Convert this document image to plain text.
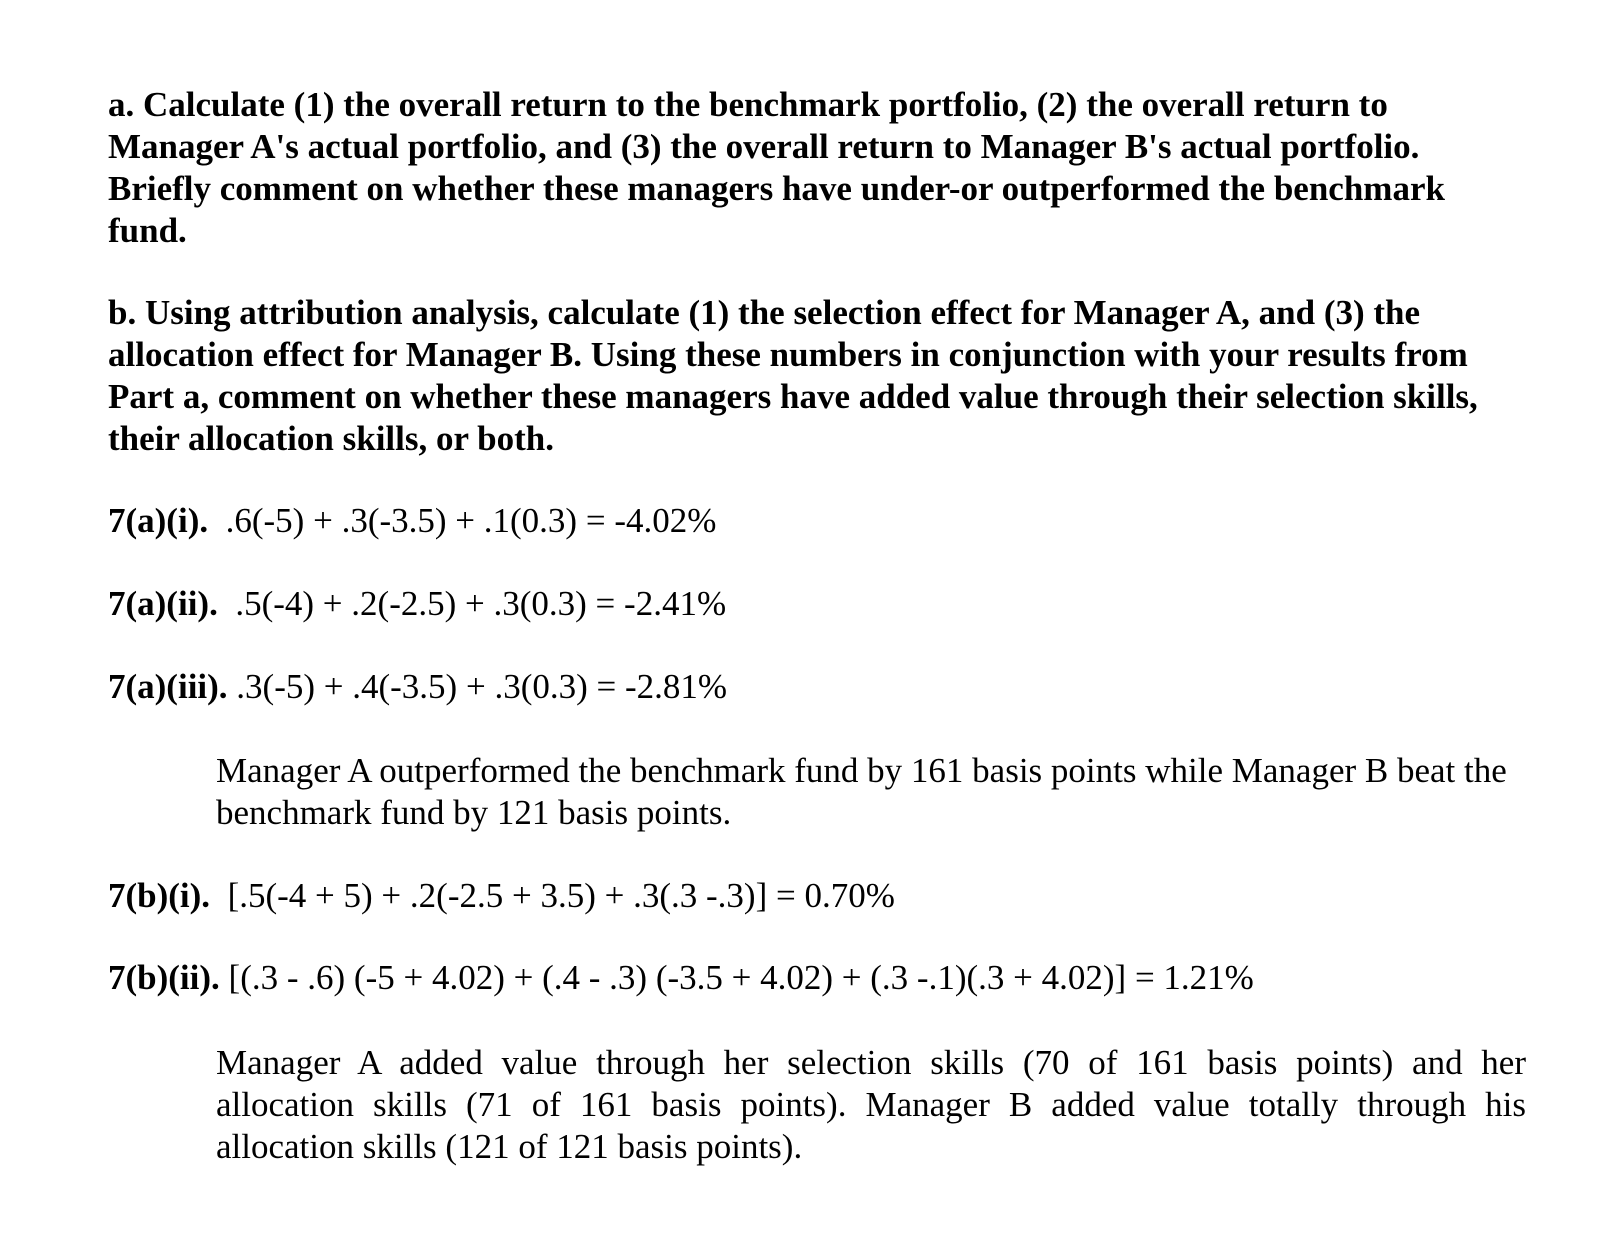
a. Calculate (1) the overall return to the benchmark portfolio, (2) the overall return to Manager A's actual portfolio, and (3) the overall return to Manager B's actual portfolio. Briefly comment on whether these managers have under-or outperformed the benchmark fund.
b. Using attribution analysis, calculate (1) the selection effect for Manager A, and (3) the allocation effect for Manager B. Using these numbers in conjunction with your results from Part a, comment on whether these managers have added value through their selection skills, their allocation skills, or both.
7(a)(i).  .6(-5) + .3(-3.5) + .1(0.3) = -4.02%
7(a)(ii).  .5(-4) + .2(-2.5) + .3(0.3) = -2.41%
7(a)(iii). .3(-5) + .4(-3.5) + .3(0.3) = -2.81%
Manager A outperformed the benchmark fund by 161 basis points while Manager B beat the benchmark fund by 121 basis points.
7(b)(i).  [.5(-4 + 5) + .2(-2.5 + 3.5) + .3(.3 -.3)] = 0.70%
7(b)(ii). [(.3 - .6) (-5 + 4.02) + (.4 - .3) (-3.5 + 4.02) + (.3 -.1)(.3 + 4.02)] = 1.21%
Manager A added value through her selection skills (70 of 161 basis points) and her allocation skills (71 of 161 basis points). Manager B added value totally through his allocation skills (121 of 121 basis points).
